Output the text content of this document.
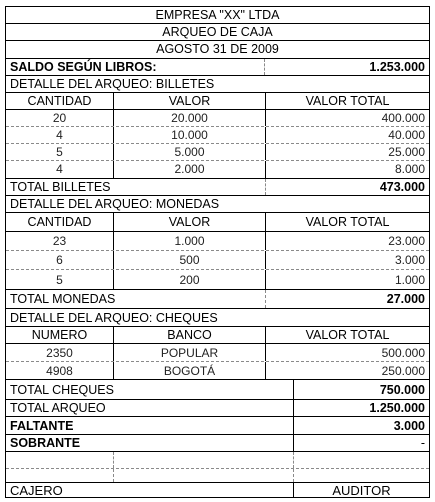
EMPRESA "XX" LTDA
ARQUEO DE CAJA
AGOSTO 31 DE 2009
SALDO SEGÚN LIBROS:	1.253.000
DETALLE DEL ARQUEO: BILLETES
CANTIDAD	VALOR	VALOR TOTAL
20	20.000	400.000
4	10.000	40.000
5	5.000	25.000
4	2.000	8.000
TOTAL BILLETES	473.000
DETALLE DEL ARQUEO: MONEDAS
CANTIDAD	VALOR	VALOR TOTAL
23	1.000	23.000
6	500	3.000
5	200	1.000
TOTAL MONEDAS	27.000
DETALLE DEL ARQUEO: CHEQUES
NUMERO	BANCO	VALOR TOTAL
2350	POPULAR	500.000
4908	BOGOTÁ	250.000
TOTAL CHEQUES	750.000
TOTAL ARQUEO	1.250.000
FALTANTE	3.000
SOBRANTE	-
CAJERO	AUDITOR
